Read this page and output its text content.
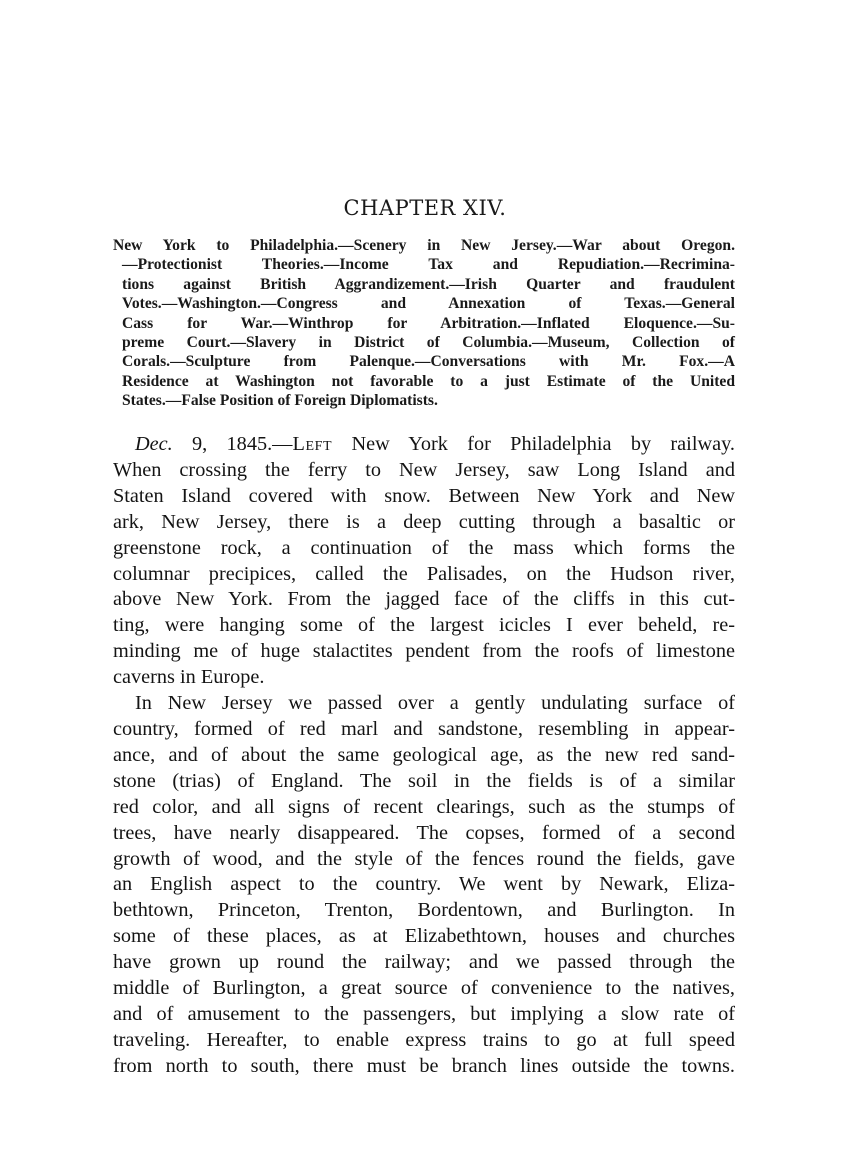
CHAPTER XIV.
New York to Philadelphia.—Scenery in New Jersey.—War about Oregon.
—Protectionist Theories.—Income Tax and Repudiation.—Recrimina-
tions against British Aggrandizement.—Irish Quarter and fraudulent
Votes.—Washington.—Congress and Annexation of Texas.—General
Cass for War.—Winthrop for Arbitration.—Inflated Eloquence.—Su-
preme Court.—Slavery in District of Columbia.—Museum, Collection of
Corals.—Sculpture from Palenque.—Conversations with Mr. Fox.—A
Residence at Washington not favorable to a just Estimate of the United
States.—False Position of Foreign Diplomatists.
Dec. 9, 1845.—Left New York for Philadelphia by railway.
When crossing the ferry to New Jersey, saw Long Island and
Staten Island covered with snow. Between New York and New
ark, New Jersey, there is a deep cutting through a basaltic or
greenstone rock, a continuation of the mass which forms the
columnar precipices, called the Palisades, on the Hudson river,
above New York. From the jagged face of the cliffs in this cut-
ting, were hanging some of the largest icicles I ever beheld, re-
minding me of huge stalactites pendent from the roofs of limestone
caverns in Europe.
In New Jersey we passed over a gently undulating surface of
country, formed of red marl and sandstone, resembling in appear-
ance, and of about the same geological age, as the new red sand-
stone (trias) of England. The soil in the fields is of a similar
red color, and all signs of recent clearings, such as the stumps of
trees, have nearly disappeared. The copses, formed of a second
growth of wood, and the style of the fences round the fields, gave
an English aspect to the country. We went by Newark, Eliza-
bethtown, Princeton, Trenton, Bordentown, and Burlington. In
some of these places, as at Elizabethtown, houses and churches
have grown up round the railway; and we passed through the
middle of Burlington, a great source of convenience to the natives,
and of amusement to the passengers, but implying a slow rate of
traveling. Hereafter, to enable express trains to go at full speed
from north to south, there must be branch lines outside the towns.
